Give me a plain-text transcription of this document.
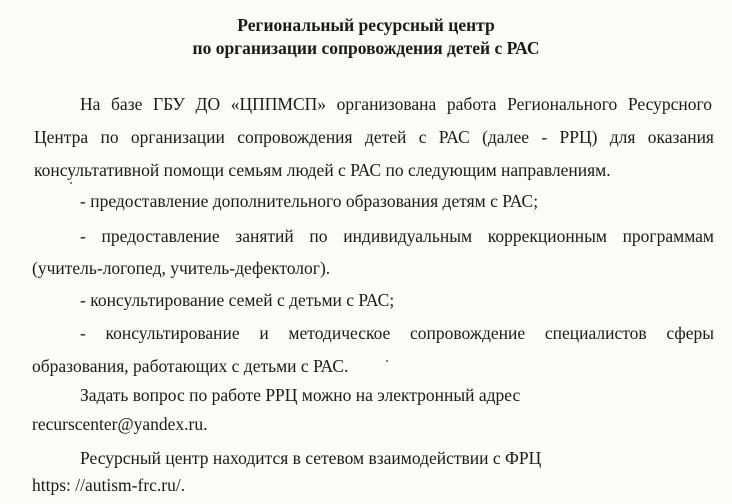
Региональный ресурсный центр
по организации сопровождения детей с РАС
На базе ГБУ ДО «ЦППМСП» организована работа Регионального Ресурсного
Центра по организации сопровождения детей с РАС (далее - РРЦ) для оказания
консультативной помощи семьям людей с РАС по следующим направлениям.
- предоставление дополнительного образования детям с РАС;
- предоставление занятий по индивидуальным коррекционным программам
(учитель-логопед, учитель-дефектолог).
- консультирование семей с детьми с РАС;
- консультирование и методическое сопровождение специалистов сферы
образования, работающих с детьми с РАС.
Задать вопрос по работе РРЦ можно на электронный адрес
recurscenter@yandex.ru.
Ресурсный центр находится в сетевом взаимодействии с ФРЦ
https: //autism-frc.ru/.
